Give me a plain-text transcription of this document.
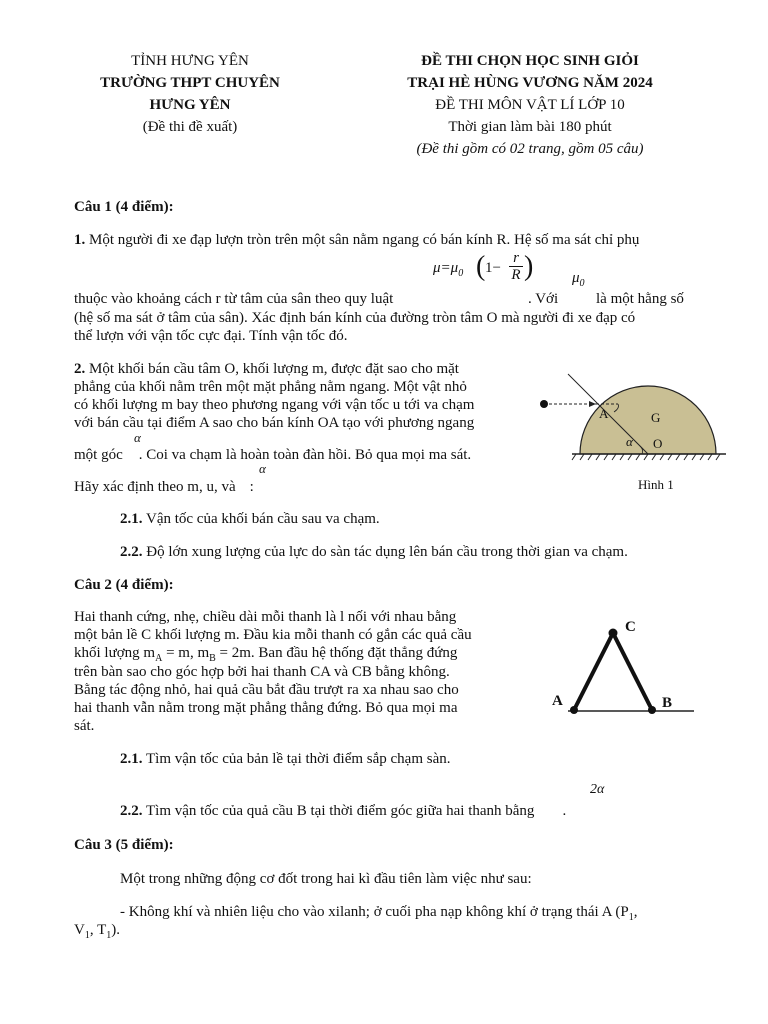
TỈNH HƯNG YÊN
TRƯỜNG THPT CHUYÊN
HƯNG YÊN
(Đề thi đề xuất)
ĐỀ THI CHỌN HỌC SINH GIỎI
TRẠI HÈ HÙNG VƯƠNG NĂM 2024
ĐỀ THI MÔN VẬT LÍ LỚP 10
Thời gian làm bài 180 phút
(Đề thi gồm có 02 trang, gồm 05 câu)
Câu 1 (4 điểm):
1. Một người đi xe đạp lượn tròn trên một sân nằm ngang có bán kính R. Hệ số ma sát chỉ phụ
$\mu=\mu_0$ ( 1−
r
R )	$\mu_0$
thuộc vào khoảng cách r từ tâm của sân theo quy luật	. Với	là một hằng số
(hệ số ma sát ở tâm của sân). Xác định bán kính của đường tròn tâm O mà người đi xe đạp có
thể lượn với vận tốc cực đại. Tính vận tốc đó.
2. Một khối bán cầu tâm O, khối lượng m, được đặt sao cho mặt
phẳng của khối nằm trên một mặt phẳng nằm ngang. Một vật nhỏ
có khối lượng m bay theo phương ngang với vận tốc u tới va chạm
với bán cầu tại điểm A sao cho bán kính OA tạo với phương ngang
α
một góc . Coi va chạm là hoàn toàn đàn hồi. Bỏ qua mọi ma sát.
α
Hãy xác định theo m, u, và :
A	G
α O
Hình 1
2.1. Vận tốc của khối bán cầu sau va chạm.
2.2. Độ lớn xung lượng của lực do sàn tác dụng lên bán cầu trong thời gian va chạm.
Câu 2 (4 điểm):
Hai thanh cứng, nhẹ, chiều dài mỗi thanh là l nối với nhau bằng
một bản lề C khối lượng m. Đầu kia mỗi thanh có gắn các quả cầu
khối lượng $m_A = m$, $m_B = 2m$. Ban đầu hệ thống đặt thẳng đứng
trên bàn sao cho góc hợp bởi hai thanh CA và CB bằng không.
Bằng tác động nhỏ, hai quả cầu bắt đầu trượt ra xa nhau sao cho
hai thanh vẫn nằm trong mặt phẳng thẳng đứng. Bỏ qua mọi ma
sát.
C
A	B
2.1. Tìm vận tốc của bản lề tại thời điểm sắp chạm sàn.
2α
2.2. Tìm vận tốc của quả cầu B tại thời điểm góc giữa hai thanh bằng .
Câu 3 (5 điểm):
Một trong những động cơ đốt trong hai kì đầu tiên làm việc như sau:
- Không khí và nhiên liệu cho vào xilanh; ở cuối pha nạp không khí ở trạng thái A ($P_1$,
$V_1$, $T_1$).
